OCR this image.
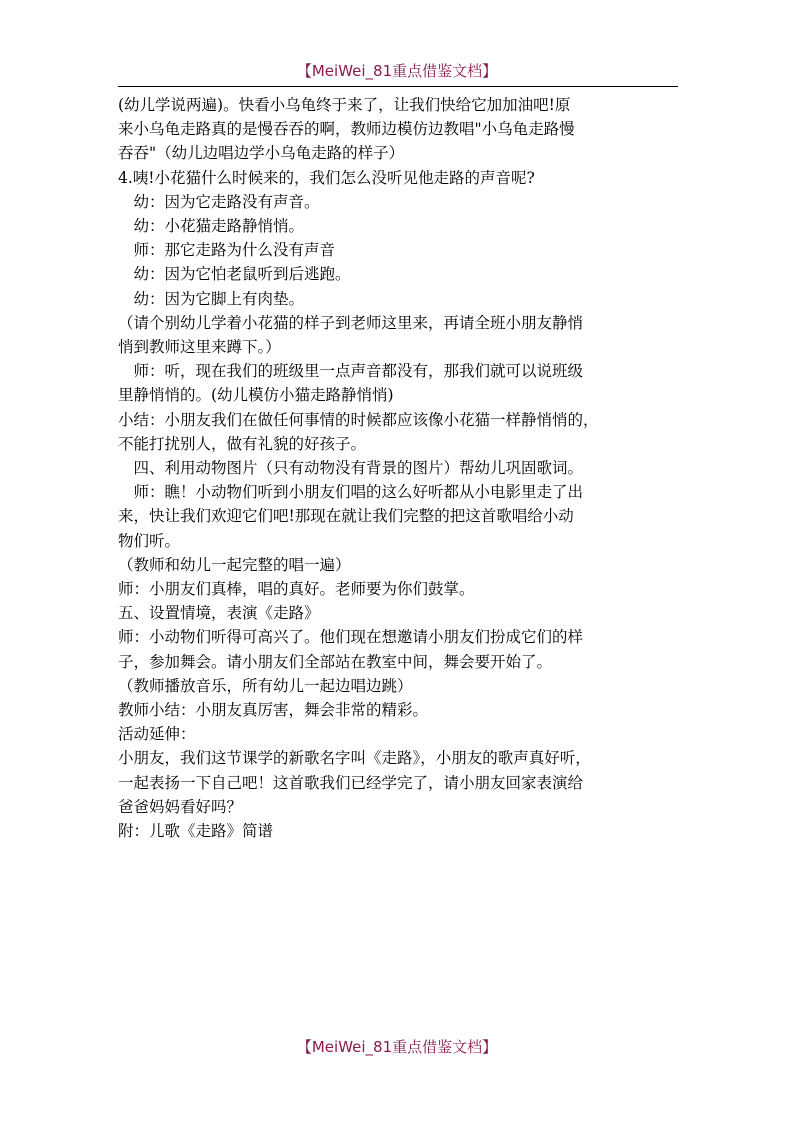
【MeiWei_81重点借鉴文档】

(幼儿学说两遍)。快看小乌龟终于来了，让我们快给它加加油吧!原

来小乌龟走路真的是慢吞吞的啊，教师边模仿边教唱"小乌龟走路慢

吞吞"（幼儿边唱边学小乌龟走路的样子）

4.咦!小花猫什么时候来的，我们怎么没听见他走路的声音呢?

　幼：因为它走路没有声音。

　幼：小花猫走路静悄悄。

　师：那它走路为什么没有声音

　幼：因为它怕老鼠听到后逃跑。

　幼：因为它脚上有肉垫。

（请个别幼儿学着小花猫的样子到老师这里来，再请全班小朋友静悄

悄到教师这里来蹲下。）

　师：听，现在我们的班级里一点声音都没有，那我们就可以说班级

里静悄悄的。(幼儿模仿小猫走路静悄悄)

小结：小朋友我们在做任何事情的时候都应该像小花猫一样静悄悄的，

不能打扰别人，做有礼貌的好孩子。

　四、利用动物图片（只有动物没有背景的图片）帮幼儿巩固歌词。

　师：瞧！小动物们听到小朋友们唱的这么好听都从小电影里走了出

来，快让我们欢迎它们吧!那现在就让我们完整的把这首歌唱给小动

物们听。

（教师和幼儿一起完整的唱一遍）

师：小朋友们真棒，唱的真好。老师要为你们鼓掌。

五、设置情境，表演《走路》

师：小动物们听得可高兴了。他们现在想邀请小朋友们扮成它们的样

子，参加舞会。请小朋友们全部站在教室中间，舞会要开始了。

（教师播放音乐，所有幼儿一起边唱边跳）

教师小结：小朋友真厉害，舞会非常的精彩。

活动延伸：

小朋友，我们这节课学的新歌名字叫《走路》，小朋友的歌声真好听，

一起表扬一下自己吧！这首歌我们已经学完了，请小朋友回家表演给

爸爸妈妈看好吗？

附：儿歌《走路》简谱

【MeiWei_81重点借鉴文档】
